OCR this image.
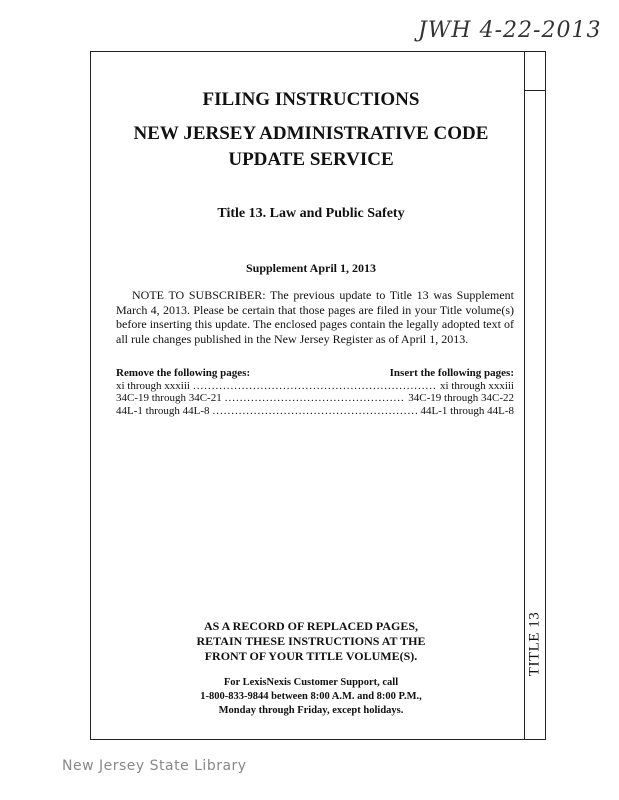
JWH 4-22-2013
TITLE 13
FILING INSTRUCTIONS
NEW JERSEY ADMINISTRATIVE CODE
UPDATE SERVICE
Title 13. Law and Public Safety
Supplement April 1, 2013
NOTE TO SUBSCRIBER: The previous update to Title 13 was Supplement March 4, 2013. Please be certain that those pages are filed in your Title volume(s) before inserting this update. The enclosed pages contain the legally adopted text of all rule changes published in the New Jersey Register as of April 1, 2013.
Remove the following pages:	Insert the following pages:
xi through xxxiii .....	xi through xxxiii
34C-19 through 34C-21 .....	34C-19 through 34C-22
44L-1 through 44L-8 .....	44L-1 through 44L-8
AS A RECORD OF REPLACED PAGES,
RETAIN THESE INSTRUCTIONS AT THE
FRONT OF YOUR TITLE VOLUME(S).
For LexisNexis Customer Support, call
1-800-833-9844 between 8:00 A.M. and 8:00 P.M.,
Monday through Friday, except holidays.
New Jersey State Library
